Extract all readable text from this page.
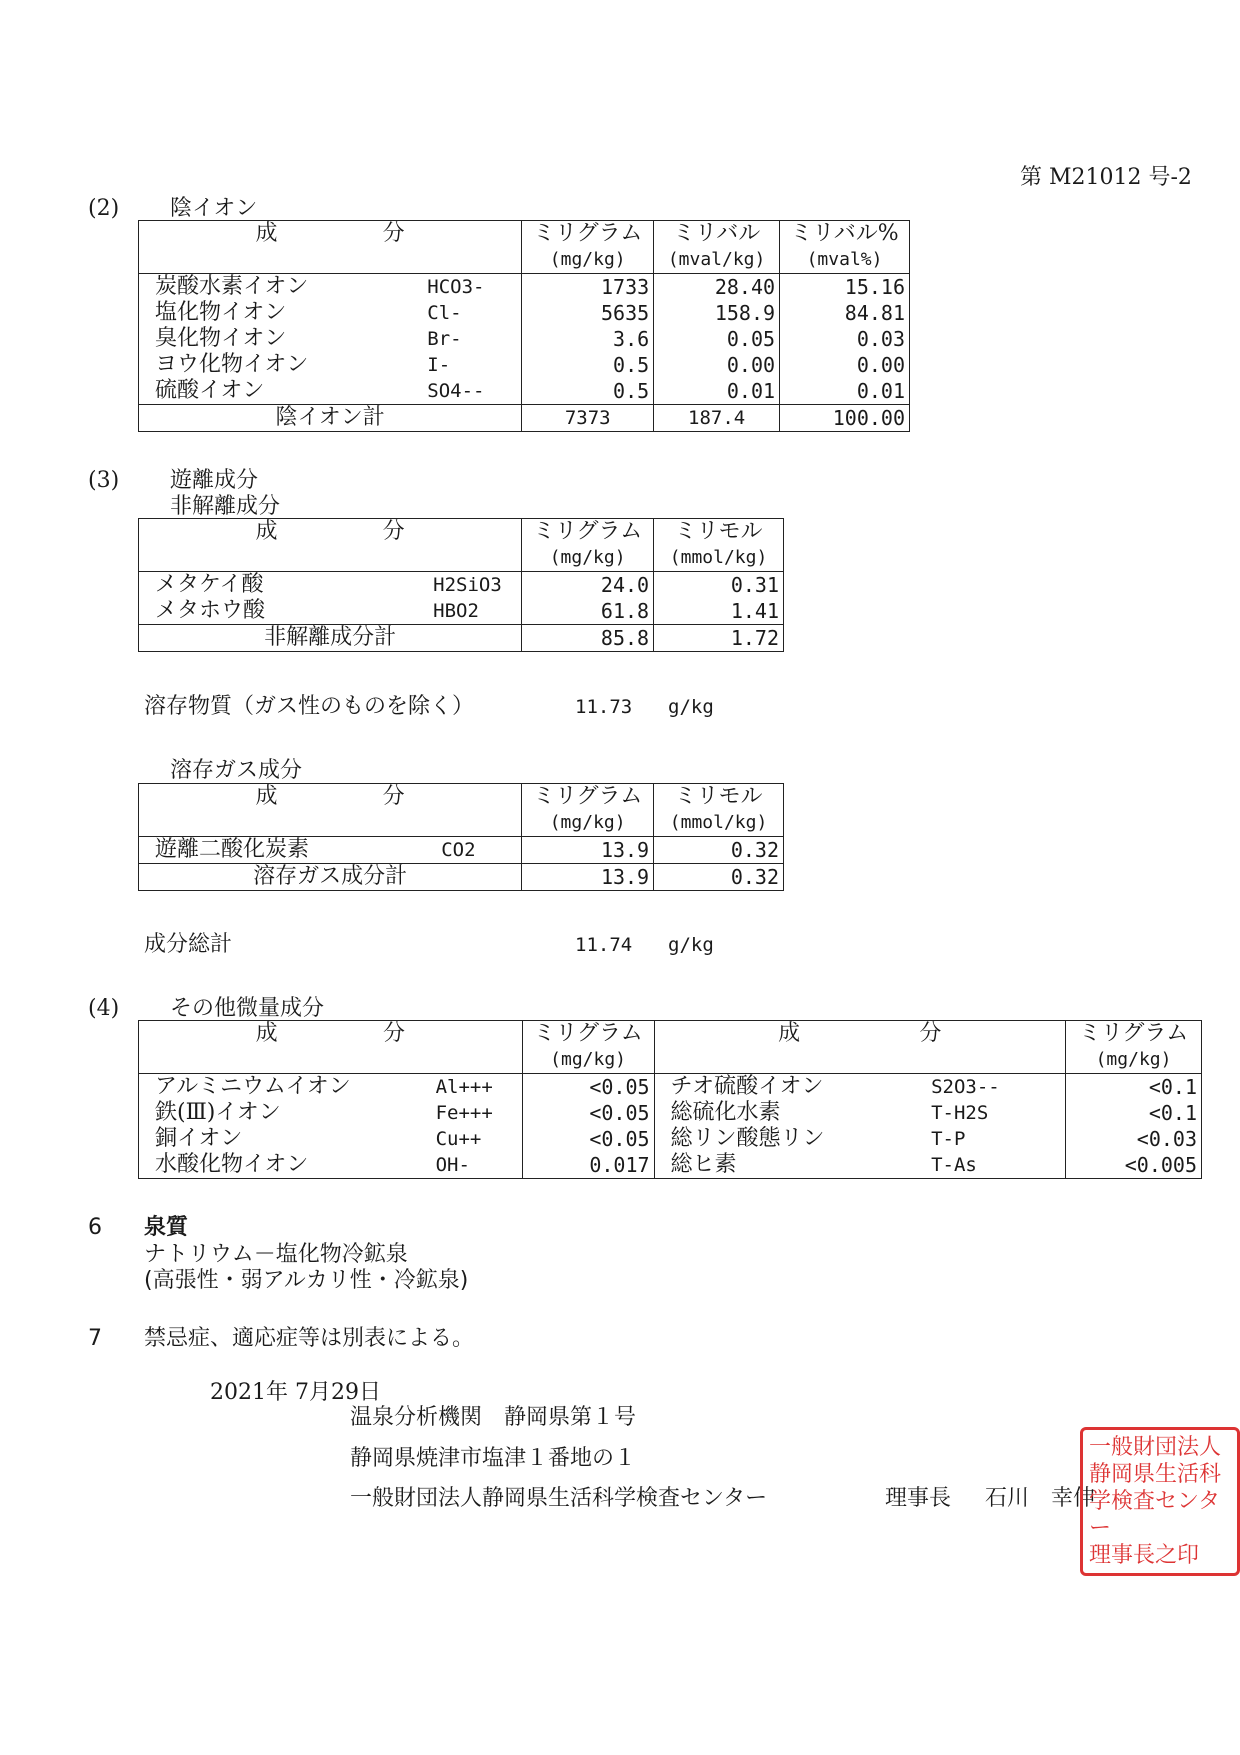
第 M21012 号-2
(2) 陰イオン
成 分	ミリグラム	ミリバル	ミリバル%
	(mg/kg)	(mval/kg)	(mval%)

炭酸水素イオン HCO3-	1733	28.40	15.16

塩化物イオン Cl-	5635	158.9	84.81

臭化物イオン Br-	3.6	0.05	0.03

ヨウ化物イオン I-	0.5	0.00	0.00

硫酸イオン SO4--	0.5	0.01	0.01
陰イオン計	7373	187.4	100.00
(3) 遊離成分
非解離成分
成 分	ミリグラム	ミリモル
	(mg/kg)	(mmol/kg)

メタケイ酸 H2SiO3	24.0	0.31

メタホウ酸 HBO2	61.8	1.41
非解離成分計	85.8	1.72
溶存物質（ガス性のものを除く）	11.73 g/kg
溶存ガス成分
成 分	ミリグラム	ミリモル
	(mg/kg)	(mmol/kg)

遊離二酸化炭素 CO2	13.9	0.32
溶存ガス成分計	13.9	0.32
成分総計	11.74 g/kg
(4) その他微量成分
成 分	ミリグラム	成 分	ミリグラム
	(mg/kg)		(mg/kg)

アルミニウムイオン Al+++	<0.05	チオ硫酸イオン S2O3--	<0.1

鉄(Ⅲ)イオン Fe+++	<0.05	総硫化水素 T-H2S	<0.1

銅イオン Cu++	<0.05	総リン酸態リン T-P	<0.03

水酸化物イオン OH-	0.017	総ヒ素 T-As	<0.005
6 泉質
ナトリウム－塩化物冷鉱泉
(高張性・弱アルカリ性・冷鉱泉)
7 禁忌症、適応症等は別表による。
2021年 7月29日
温泉分析機関　静岡県第１号
静岡県焼津市塩津１番地の１
一般財団法人静岡県生活科学検査センター	理事長 石川　幸伸
一般財団法人
静岡県生活科
学検査センター
理事長之印
